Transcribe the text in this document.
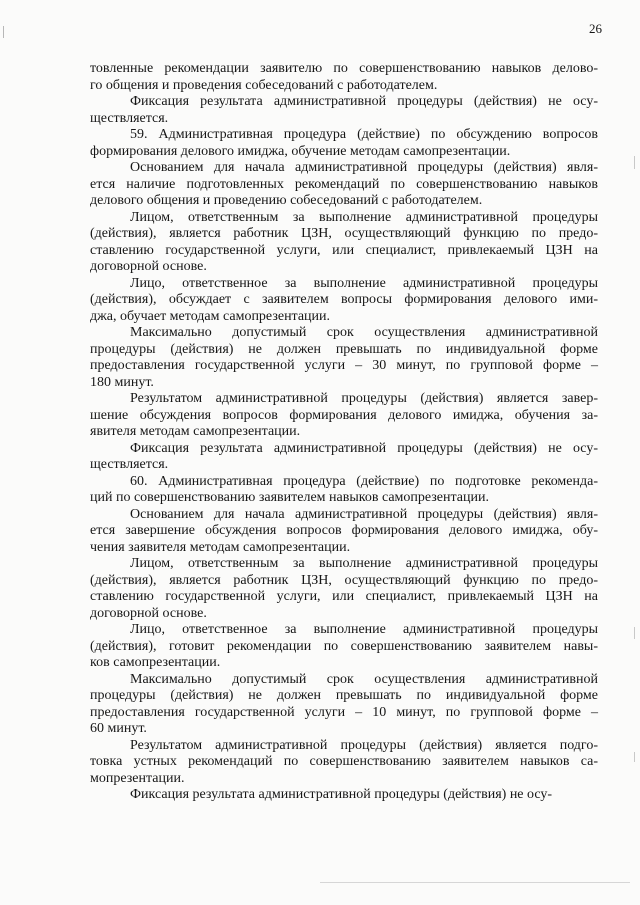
26
товленные рекомендации заявителю по совершенствованию навыков делово-
го общения и проведения собеседований с работодателем.
Фиксация результата административной процедуры (действия) не осу-
ществляется.
59. Административная процедура (действие) по обсуждению вопросов
формирования делового имиджа, обучение методам самопрезентации.
Основанием для начала административной процедуры (действия) явля-
ется наличие подготовленных рекомендаций по совершенствованию навыков
делового общения и проведению собеседований с работодателем.
Лицом, ответственным за выполнение административной процедуры
(действия), является работник ЦЗН, осуществляющий функцию по предо-
ставлению государственной услуги, или специалист, привлекаемый ЦЗН на
договорной основе.
Лицо, ответственное за выполнение административной процедуры
(действия), обсуждает с заявителем вопросы формирования делового ими-
джа, обучает методам самопрезентации.
Максимально допустимый срок осуществления административной
процедуры (действия) не должен превышать по индивидуальной форме
предоставления государственной услуги – 30 минут, по групповой форме –
180 минут.
Результатом административной процедуры (действия) является завер-
шение обсуждения вопросов формирования делового имиджа, обучения за-
явителя методам самопрезентации.
Фиксация результата административной процедуры (действия) не осу-
ществляется.
60. Административная процедура (действие) по подготовке рекоменда-
ций по совершенствованию заявителем навыков самопрезентации.
Основанием для начала административной процедуры (действия) явля-
ется завершение обсуждения вопросов формирования делового имиджа, обу-
чения заявителя методам самопрезентации.
Лицом, ответственным за выполнение административной процедуры
(действия), является работник ЦЗН, осуществляющий функцию по предо-
ставлению государственной услуги, или специалист, привлекаемый ЦЗН на
договорной основе.
Лицо, ответственное за выполнение административной процедуры
(действия), готовит рекомендации по совершенствованию заявителем навы-
ков самопрезентации.
Максимально допустимый срок осуществления административной
процедуры (действия) не должен превышать по индивидуальной форме
предоставления государственной услуги – 10 минут, по групповой форме –
60 минут.
Результатом административной процедуры (действия) является подго-
товка устных рекомендаций по совершенствованию заявителем навыков са-
мопрезентации.
Фиксация результата административной процедуры (действия) не осу-
